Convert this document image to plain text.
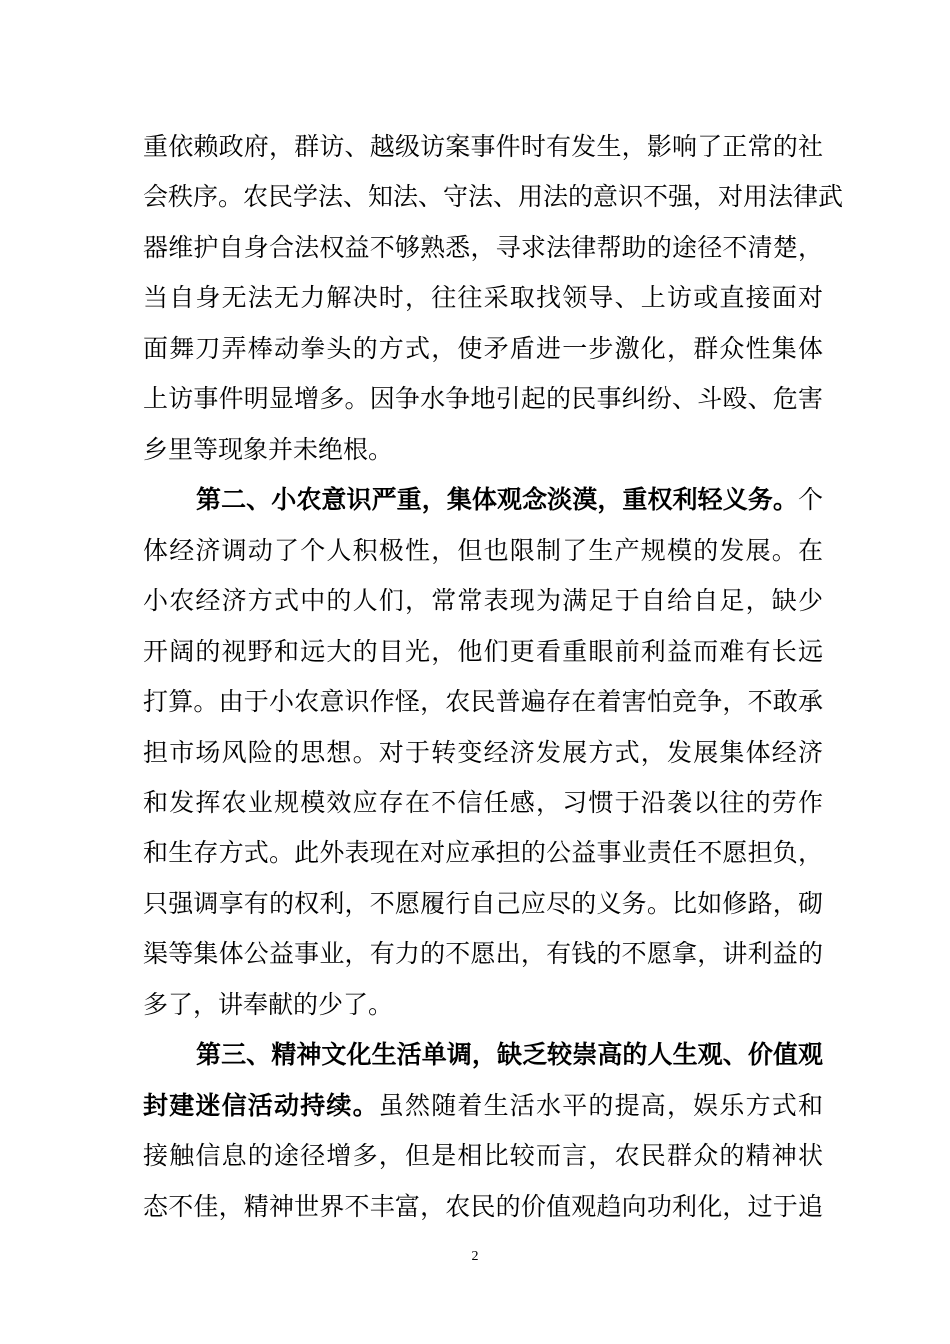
重依赖政府，群访、越级访案事件时有发生，影响了正常的社
会秩序。农民学法、知法、守法、用法的意识不强，对用法律武
器维护自身合法权益不够熟悉，寻求法律帮助的途径不清楚，
当自身无法无力解决时，往往采取找领导、上访或直接面对
面舞刀弄棒动拳头的方式，使矛盾进一步激化，群众性集体
上访事件明显增多。因争水争地引起的民事纠纷、斗殴、危害
乡里等现象并未绝根。
第二、小农意识严重，集体观念淡漠，重权利轻义务。个
体经济调动了个人积极性，但也限制了生产规模的发展。在
小农经济方式中的人们，常常表现为满足于自给自足，缺少
开阔的视野和远大的目光，他们更看重眼前利益而难有长远
打算。由于小农意识作怪，农民普遍存在着害怕竞争，不敢承
担市场风险的思想。对于转变经济发展方式，发展集体经济
和发挥农业规模效应存在不信任感，习惯于沿袭以往的劳作
和生存方式。此外表现在对应承担的公益事业责任不愿担负，
只强调享有的权利，不愿履行自己应尽的义务。比如修路，砌
渠等集体公益事业，有力的不愿出，有钱的不愿拿，讲利益的
多了，讲奉献的少了。
第三、精神文化生活单调，缺乏较崇高的人生观、价值观
封建迷信活动持续。虽然随着生活水平的提高，娱乐方式和
接触信息的途径增多，但是相比较而言，农民群众的精神状
态不佳，精神世界不丰富，农民的价值观趋向功利化，过于追
2
